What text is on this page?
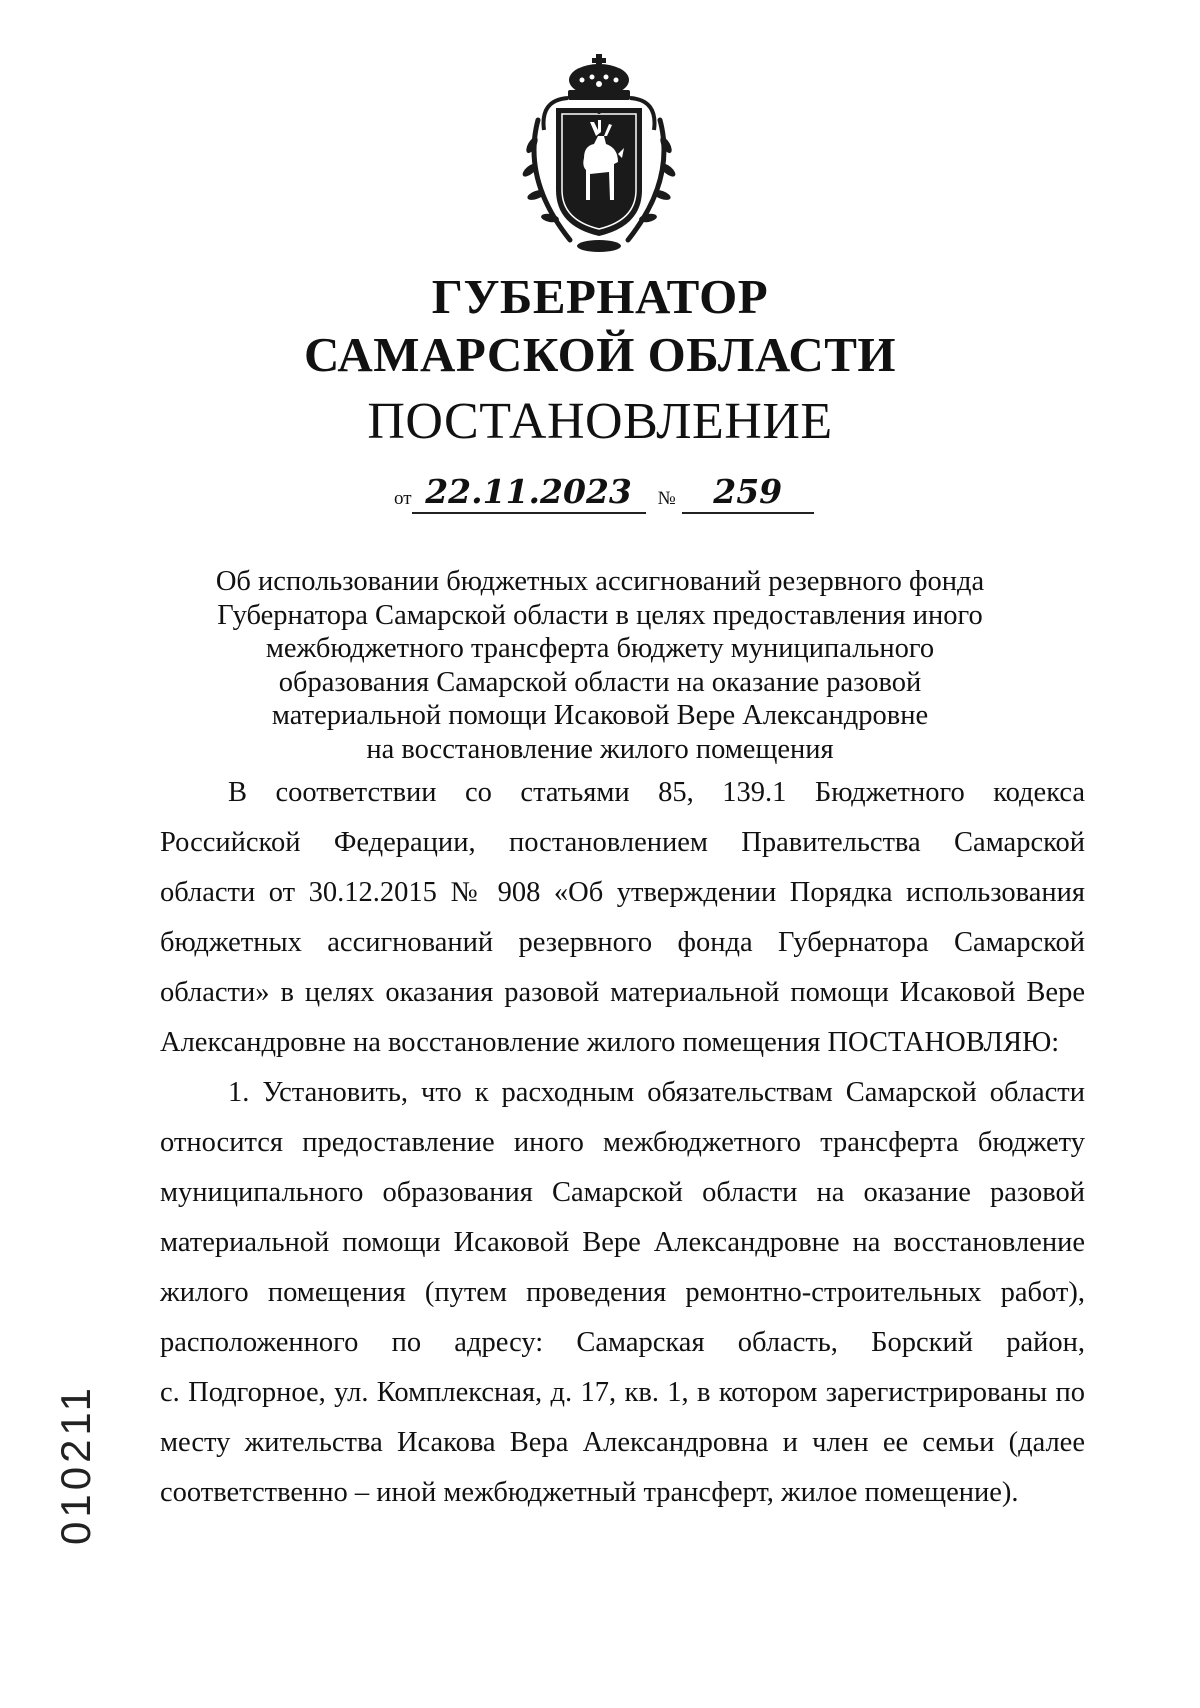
ГУБЕРНАТОР
САМАРСКОЙ ОБЛАСТИ
ПОСТАНОВЛЕНИЕ
от 22.11.2023	№	259
Об использовании бюджетных ассигнований резервного фонда
Губернатора Самарской области в целях предоставления иного
межбюджетного трансферта бюджету муниципального
образования Самарской области на оказание разовой
материальной помощи Исаковой Вере Александровне
на восстановление жилого помещения
В соответствии со статьями 85, 139.1 Бюджетного кодекса
Российской Федерации, постановлением Правительства Самарской
области от 30.12.2015 № 908 «Об утверждении Порядка использования
бюджетных ассигнований резервного фонда Губернатора Самарской
области» в целях оказания разовой материальной помощи Исаковой Вере
Александровне на восстановление жилого помещения ПОСТАНОВЛЯЮ:
1. Установить, что к расходным обязательствам Самарской области
относится предоставление иного межбюджетного трансферта бюджету
муниципального образования Самарской области на оказание разовой
материальной помощи Исаковой Вере Александровне на восстановление
жилого помещения (путем проведения ремонтно-строительных работ),
расположенного по адресу: Самарская область, Борский район,
с. Подгорное, ул. Комплексная, д. 17, кв. 1, в котором зарегистрированы по
месту жительства Исакова Вера Александровна и член ее семьи (далее
соответственно – иной межбюджетный трансферт, жилое помещение).
010211
